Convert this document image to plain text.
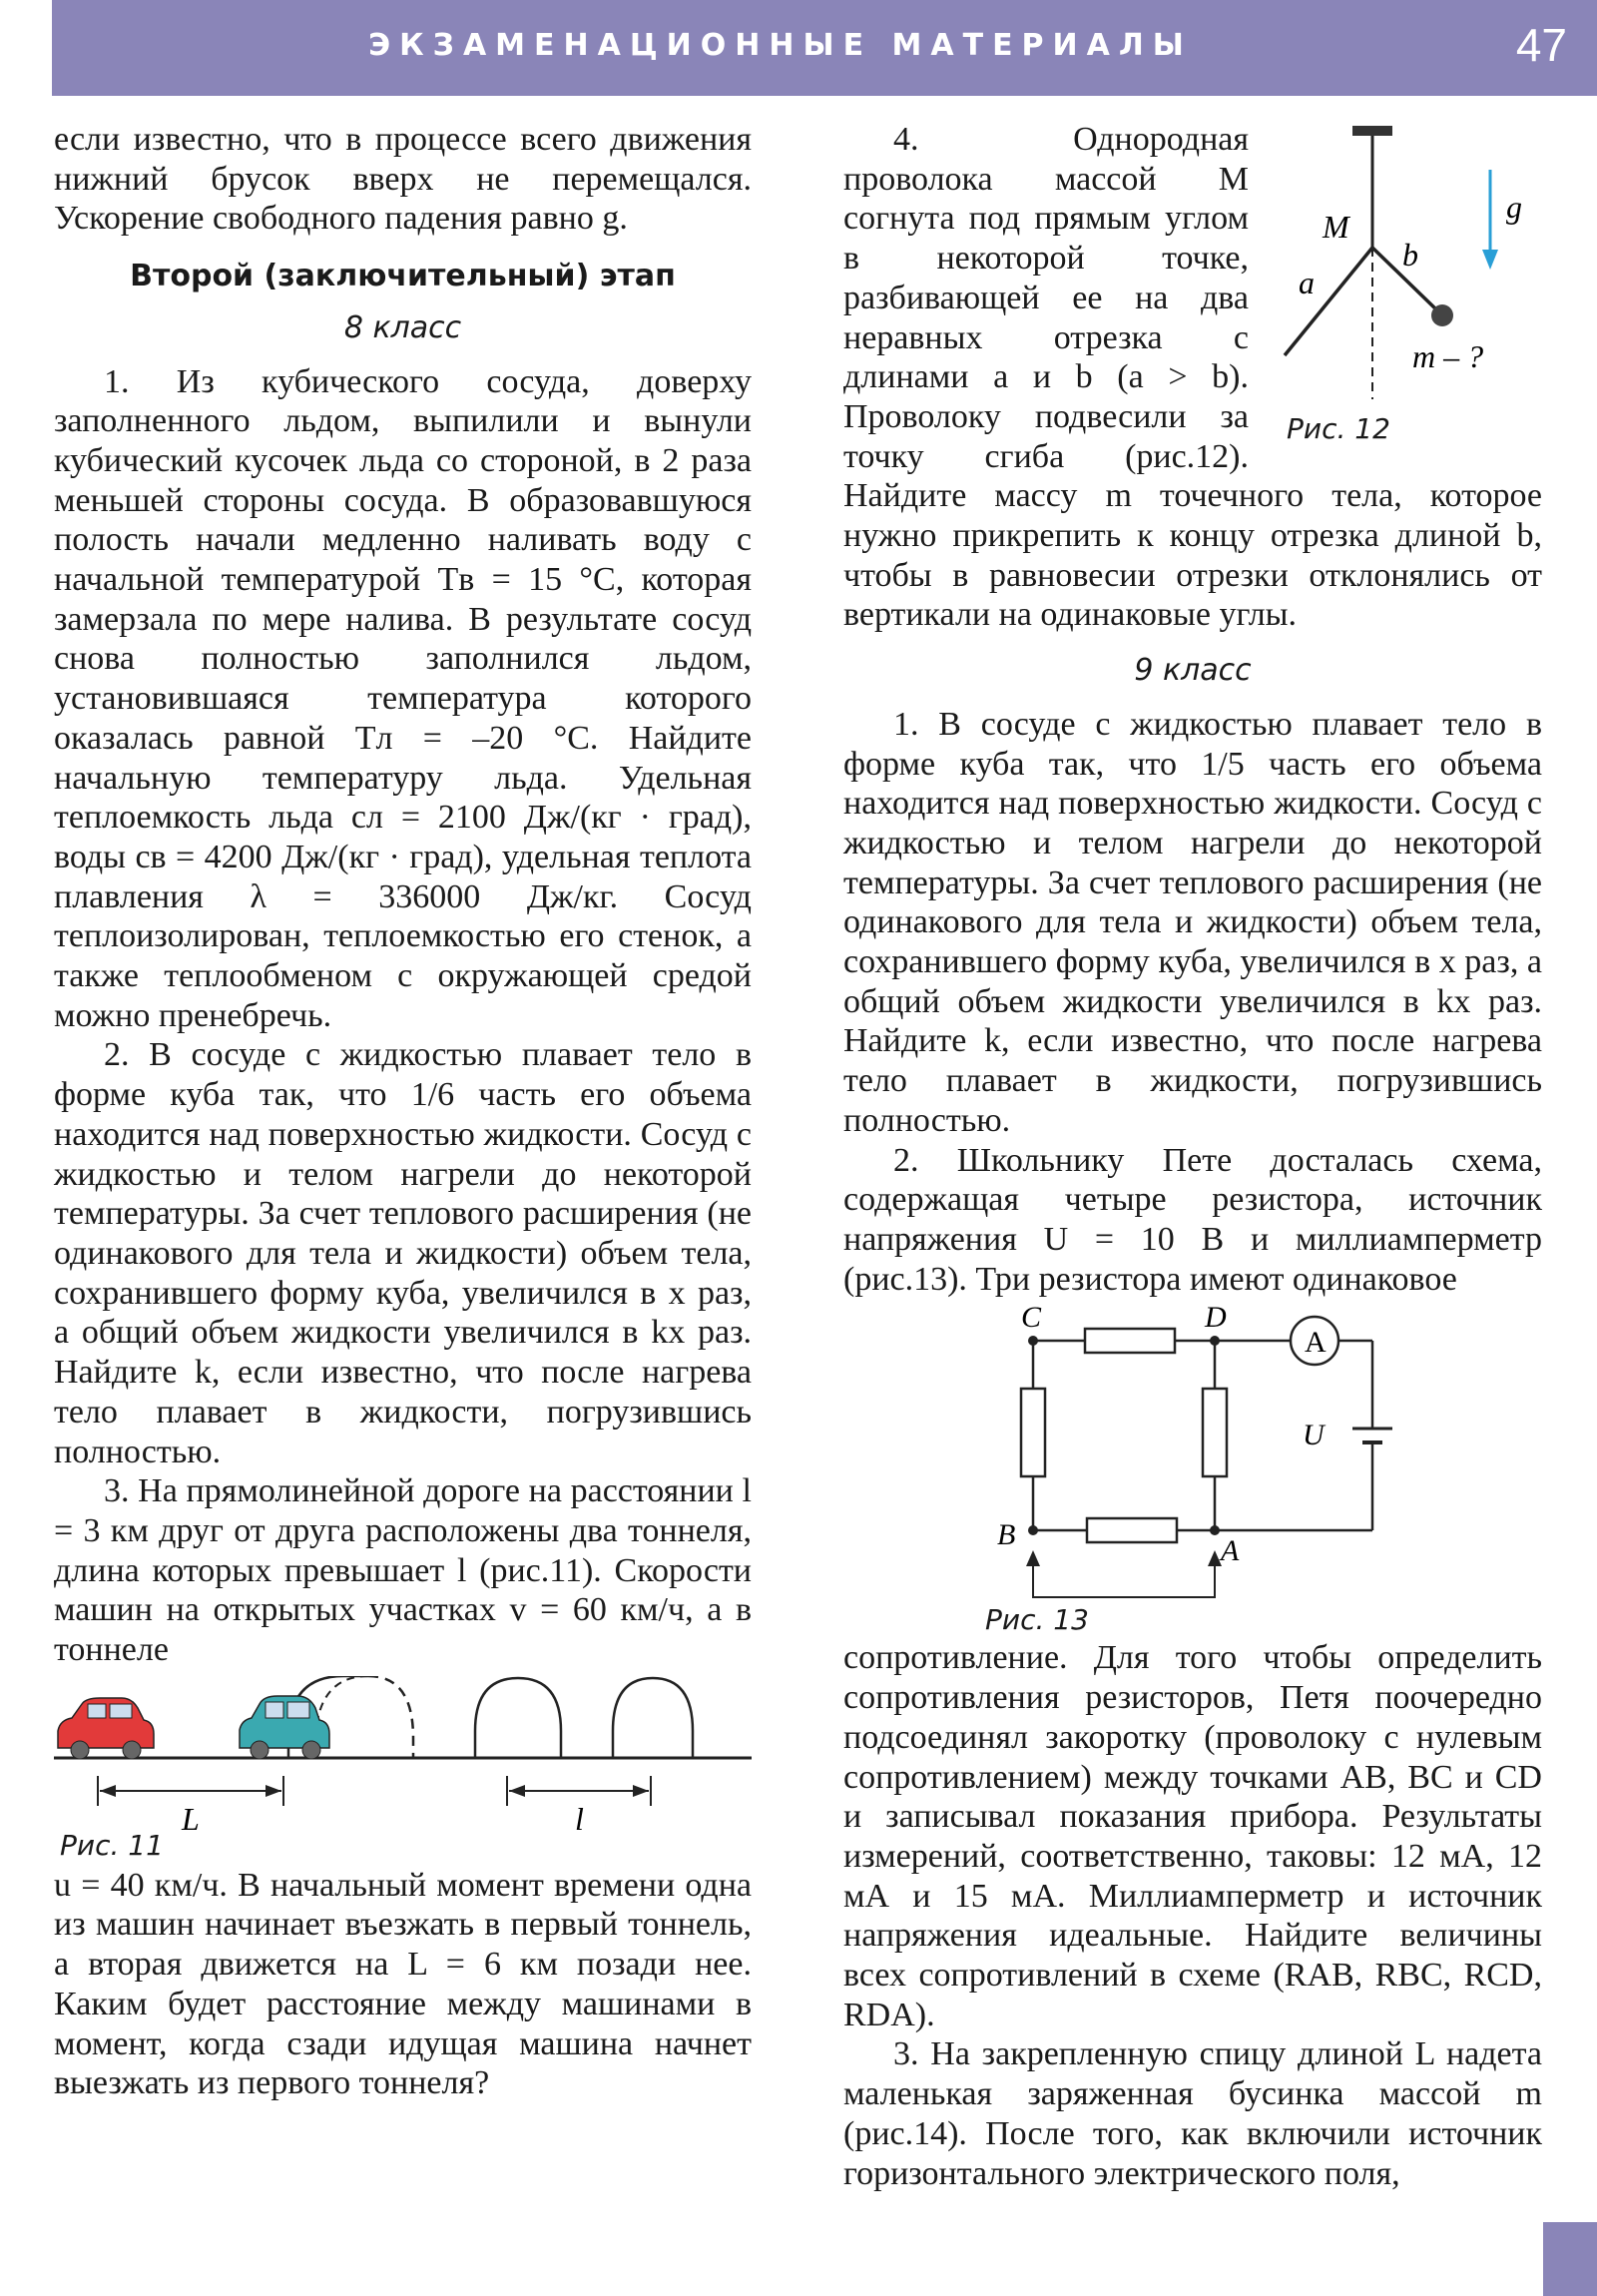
ЭКЗАМЕНАЦИОННЫЕ МАТЕРИАЛЫ	47

если известно, что в процессе всего движения нижний брусок вверх не перемещался. Ускорение свободного падения равно g.

Второй (заключительный) этап
8 класс

1. Из кубического сосуда, доверху заполненного льдом, выпилили и вынули кубический кусочек льда со стороной, в 2 раза меньшей стороны сосуда. В образовавшуюся полость начали медленно наливать воду с начальной температурой Tв = 15 °C, которая замерзала по мере налива. В результате сосуд снова полностью заполнился льдом, установившаяся температура которого оказалась равной Tл = –20 °C. Найдите начальную температуру льда. Удельная теплоемкость льда cл = 2100 Дж/(кг · град), воды cв = 4200 Дж/(кг · град), удельная теплота плавления λ = 336000 Дж/кг. Сосуд теплоизолирован, теплоемкостью его стенок, а также теплообменом с окружающей средой можно пренебречь.

2. В сосуде с жидкостью плавает тело в форме куба так, что 1/6 часть его объема находится над поверхностью жидкости. Сосуд с жидкостью и телом нагрели до некоторой температуры. За счет теплового расширения (не одинакового для тела и жидкости) объем тела, сохранившего форму куба, увеличился в x раз, а общий объем жидкости увеличился в kx раз. Найдите k, если известно, что после нагрева тело плавает в жидкости, погрузившись полностью.

3. На прямолинейной дороге на расстоянии l = 3 км друг от друга расположены два тоннеля, длина которых превышает l (рис.11). Скорости машин на открытых участках v = 60 км/ч, а в тоннеле

L	l
Рис. 11

u = 40 км/ч. В начальный момент времени одна из машин начинает въезжать в первый тоннель, а вторая движется на L = 6 км позади нее. Каким будет расстояние между машинами в момент, когда сзади идущая машина начнет выезжать из первого тоннеля?

M
a
b
g
m – ?
Рис. 12

4. Однородная проволока массой M согнута под прямым углом в некоторой точке, разбивающей ее на два неравных отрезка с длинами a и b (a > b). Проволоку подвесили за точку сгиба (рис.12). Найдите массу m точечного тела, которое нужно прикрепить к концу отрезка длиной b, чтобы в равновесии отрезки отклонялись от вертикали на одинаковые углы.

9 класс

1. В сосуде с жидкостью плавает тело в форме куба так, что 1/5 часть его объема находится над поверхностью жидкости. Сосуд с жидкостью и телом нагрели до некоторой температуры. За счет теплового расширения (не одинакового для тела и жидкости) объем тела, сохранившего форму куба, увеличился в x раз, а общий объем жидкости увеличился в kx раз. Найдите k, если известно, что после нагрева тело плавает в жидкости, погрузившись полностью.

2. Школьнику Пете досталась схема, содержащая четыре резистора, источник напряжения U = 10 В и миллиамперметр (рис.13). Три резистора имеют одинаковое

A
C	D
B	A
U
Рис. 13

сопротивление. Для того чтобы определить сопротивления резисторов, Петя поочередно подсоединял закоротку (проволоку с нулевым сопротивлением) между точками AB, BC и CD и записывал показания прибора. Результаты измерений, соответственно, таковы: 12 мА, 12 мА и 15 мА. Миллиамперметр и источник напряжения идеальные. Найдите величины всех сопротивлений в схеме (RAB, RBC, RCD, RDA).

3. На закрепленную спицу длиной L надета маленькая заряженная бусинка массой m (рис.14). После того, как включили источник горизонтального электрического поля,
